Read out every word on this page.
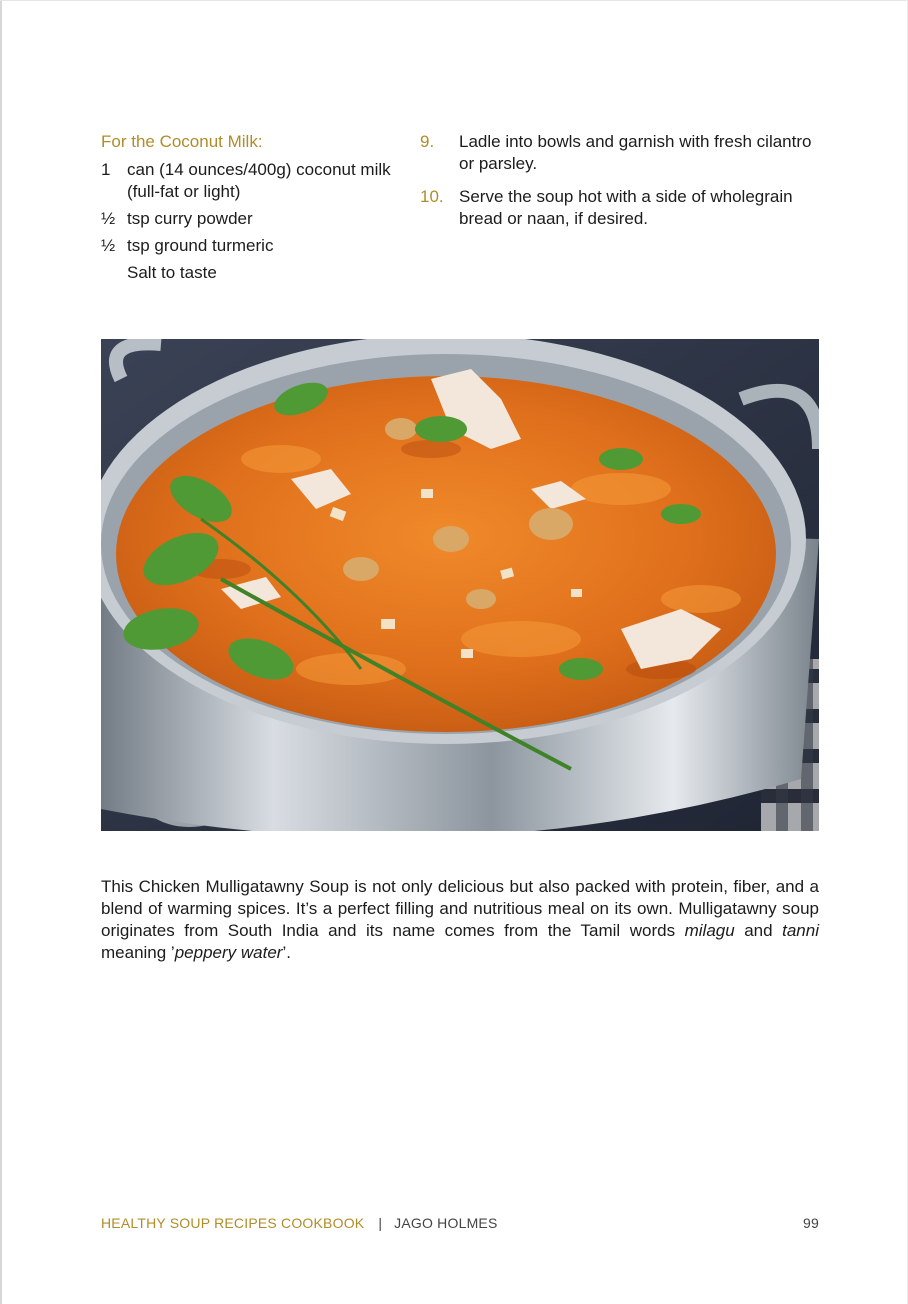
For the Coconut Milk:
1 can (14 ounces/400g) coconut milk (full-fat or light)
½ tsp curry powder
½ tsp ground turmeric
Salt to taste
9.	Ladle into bowls and garnish with fresh cilantro or parsley.
10. Serve the soup hot with a side of wholegrain bread or naan, if desired.
This Chicken Mulligatawny Soup is not only delicious but also packed with protein, fiber, and a blend of warming spices. It’s a perfect filling and nutritious meal on its own. Mulligatawny soup originates from South India and its name comes from the Tamil words milagu and tanni meaning ’peppery water’.
HEALTHY SOUP RECIPES COOKBOOK | JAGO HOLMES	99
